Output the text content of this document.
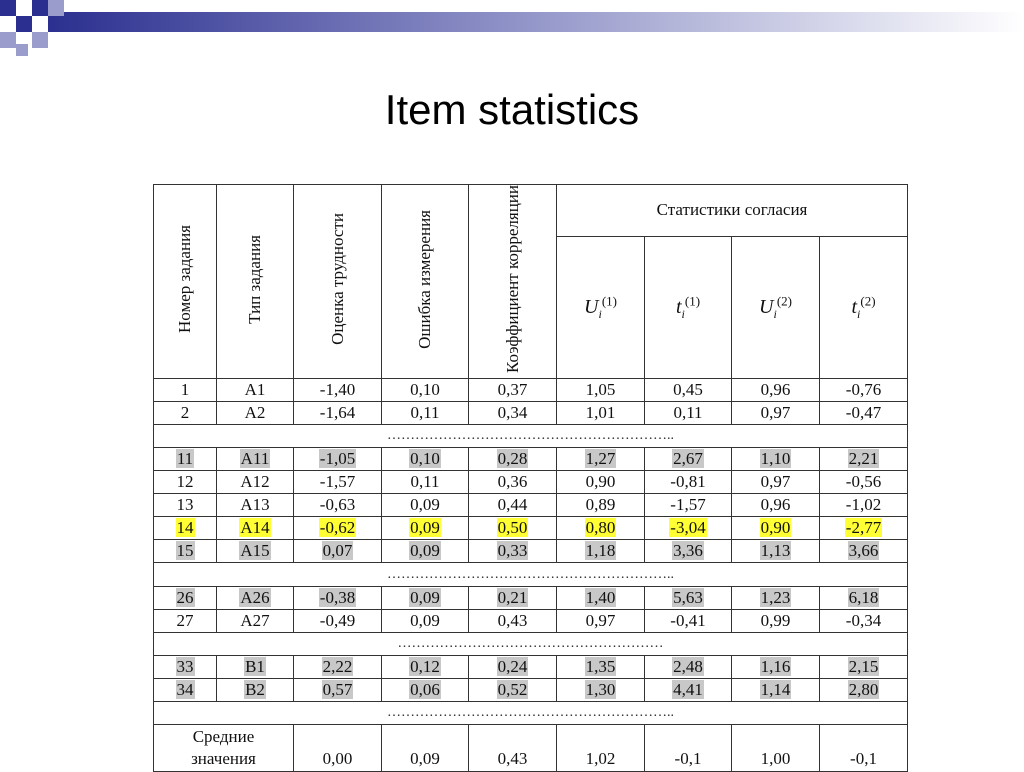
Item statistics
Номер задания	Тип задания	Оценка трудности	Ошибка измерения	Коэффициент корреляции	Статистики согласия			
					$U_i^{(1)}$	$t_i^{(1)}$	$U_i^{(2)}$	$t_i^{(2)}$
1	А1	-1,40	0,10	0,37	1,05	0,45	0,96	-0,76
2	А2	-1,64	0,11	0,34	1,01	0,11	0,97	-0,47
……………………………………………………..								
11	А11	-1,05	0,10	0,28	1,27	2,67	1,10	2,21
12	А12	-1,57	0,11	0,36	0,90	-0,81	0,97	-0,56
13	А13	-0,63	0,09	0,44	0,89	-1,57	0,96	-1,02
14	А14	-0,62	0,09	0,50	0,80	-3,04	0,90	-2,77
15	А15	0,07	0,09	0,33	1,18	3,36	1,13	3,66
……………………………………………………..								
26	А26	-0,38	0,09	0,21	1,40	5,63	1,23	6,18
27	А27	-0,49	0,09	0,43	0,97	-0,41	0,99	-0,34
…………………………………………………								
33	В1	2,22	0,12	0,24	1,35	2,48	1,16	2,15
34	В2	0,57	0,06	0,52	1,30	4,41	1,14	2,80
……………………………………………………..								
Средние
значения		0,00	0,09	0,43	1,02	-0,1	1,00	-0,1
